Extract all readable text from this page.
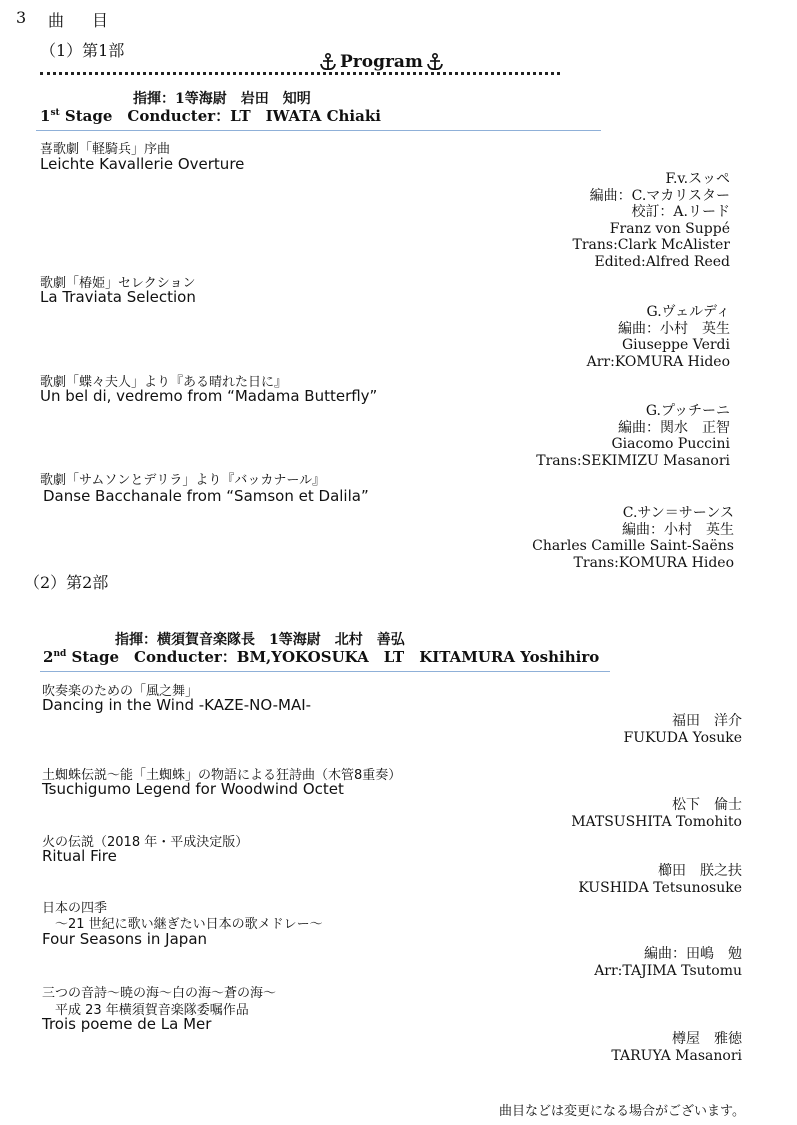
3 曲　目
（1）第1部
Program
指揮：1等海尉　岩田　知明
1st Stage　Conducter：LT　IWATA Chiaki
喜歌劇「軽騎兵」序曲
Leichte Kavallerie Overture
F.v.スッペ
編曲：C.マカリスター
校訂：A.リード
Franz von Suppé
Trans:Clark McAlister
Edited:Alfred Reed
歌劇「椿姫」セレクション
La Traviata Selection
G.ヴェルディ
編曲：小村　英生
Giuseppe Verdi
Arr:KOMURA Hideo
歌劇「蝶々夫人」より『ある晴れた日に』
Un bel di, vedremo from “Madama Butterfly”
G.プッチーニ
編曲：関水　正智
Giacomo Puccini
Trans:SEKIMIZU Masanori
歌劇「サムソンとデリラ」より『バッカナール』
Danse Bacchanale from “Samson et Dalila”
C.サン＝サーンス
編曲：小村　英生
Charles Camille Saint-Saëns
Trans:KOMURA Hideo
（2）第2部
指揮：横須賀音楽隊長　1等海尉　北村　善弘
2nd Stage　Conducter：BM,YOKOSUKA　LT　KITAMURA Yoshihiro
吹奏楽のための「風之舞」
Dancing in the Wind -KAZE-NO-MAI-
福田　洋介
FUKUDA Yosuke
土蜘蛛伝説～能「土蜘蛛」の物語による狂詩曲（木管8重奏）
Tsuchigumo Legend for Woodwind Octet
松下　倫士
MATSUSHITA Tomohito
火の伝説（2018 年・平成決定版）
Ritual Fire
櫛田　朕之扶
KUSHIDA Tetsunosuke
日本の四季
　～21 世紀に歌い継ぎたい日本の歌メドレー～
Four Seasons in Japan
編曲：田嶋　勉
Arr:TAJIMA Tsutomu
三つの音詩～暁の海～白の海～蒼の海～
　平成 23 年横須賀音楽隊委嘱作品
Trois poeme de La Mer
樽屋　雅徳
TARUYA Masanori
曲目などは変更になる場合がございます。
